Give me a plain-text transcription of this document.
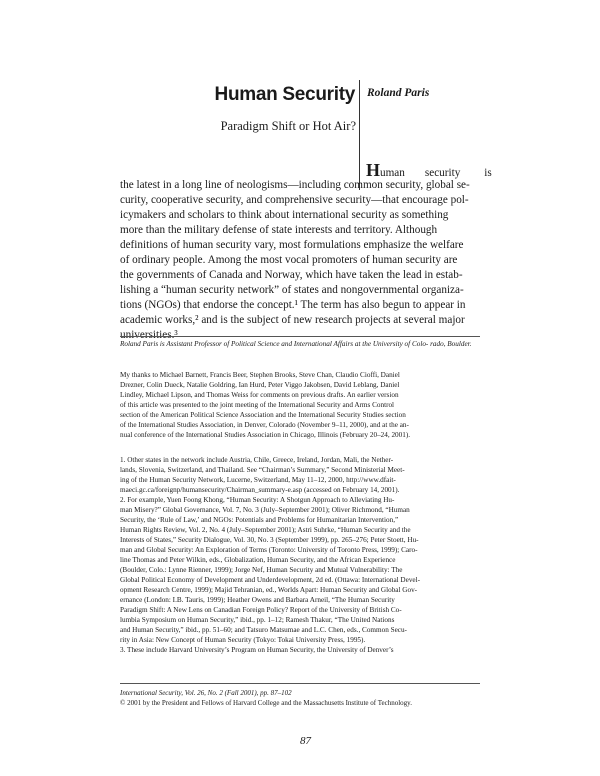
Human Security Roland Paris
Paradigm Shift or Hot Air?
Human security is
the latest in a long line of neologisms—including common security, global se-
curity, cooperative security, and comprehensive security—that encourage pol-
icymakers and scholars to think about international security as something
more than the military defense of state interests and territory. Although
definitions of human security vary, most formulations emphasize the welfare
of ordinary people. Among the most vocal promoters of human security are
the governments of Canada and Norway, which have taken the lead in estab-
lishing a “human security network” of states and nongovernmental organiza-
tions (NGOs) that endorse the concept.¹ The term has also begun to appear in
academic works,² and is the subject of new research projects at several major
universities.³
Roland Paris is Assistant Professor of Political Science and International Affairs at the University of Colo- rado, Boulder.
My thanks to Michael Barnett, Francis Beer, Stephen Brooks, Steve Chan, Claudio Cioffi, Daniel
Drezner, Colin Dueck, Natalie Goldring, Ian Hurd, Peter Viggo Jakobsen, David Leblang, Daniel
Lindley, Michael Lipson, and Thomas Weiss for comments on previous drafts. An earlier version
of this article was presented to the joint meeting of the International Security and Arms Control
section of the American Political Science Association and the International Security Studies section
of the International Studies Association, in Denver, Colorado (November 9–11, 2000), and at the an-
nual conference of the International Studies Association in Chicago, Illinois (February 20–24, 2001).
1. Other states in the network include Austria, Chile, Greece, Ireland, Jordan, Mali, the Nether-
lands, Slovenia, Switzerland, and Thailand. See “Chairman’s Summary,” Second Ministerial Meet-
ing of the Human Security Network, Lucerne, Switzerland, May 11–12, 2000, http://www.dfait-
maeci.gc.ca/foreignp/humansecurity/Chairman_summary-e.asp (accessed on February 14, 2001).
2. For example, Yuen Foong Khong, “Human Security: A Shotgun Approach to Alleviating Hu-
man Misery?” Global Governance, Vol. 7, No. 3 (July–September 2001); Oliver Richmond, “Human
Security, the ‘Rule of Law,’ and NGOs: Potentials and Problems for Humanitarian Intervention,”
Human Rights Review, Vol. 2, No. 4 (July–September 2001); Astri Suhrke, “Human Security and the
Interests of States,” Security Dialogue, Vol. 30, No. 3 (September 1999), pp. 265–276; Peter Stoett, Hu-
man and Global Security: An Exploration of Terms (Toronto: University of Toronto Press, 1999); Caro-
line Thomas and Peter Wilkin, eds., Globalization, Human Security, and the African Experience
(Boulder, Colo.: Lynne Rienner, 1999); Jorge Nef, Human Security and Mutual Vulnerability: The
Global Political Economy of Development and Underdevelopment, 2d ed. (Ottawa: International Devel-
opment Research Centre, 1999); Majid Tehranian, ed., Worlds Apart: Human Security and Global Gov-
ernance (London: I.B. Tauris, 1999); Heather Owens and Barbara Arneil, “The Human Security
Paradigm Shift: A New Lens on Canadian Foreign Policy? Report of the University of British Co-
lumbia Symposium on Human Security,” ibid., pp. 1–12; Ramesh Thakur, “The United Nations
and Human Security,” ibid., pp. 51–60; and Tatsuro Matsumae and L.C. Chen, eds., Common Secu-
rity in Asia: New Concept of Human Security (Tokyo: Tokai University Press, 1995).
3. These include Harvard University’s Program on Human Security, the University of Denver’s
International Security, Vol. 26, No. 2 (Fall 2001), pp. 87–102
© 2001 by the President and Fellows of Harvard College and the Massachusetts Institute of Technology.
87
